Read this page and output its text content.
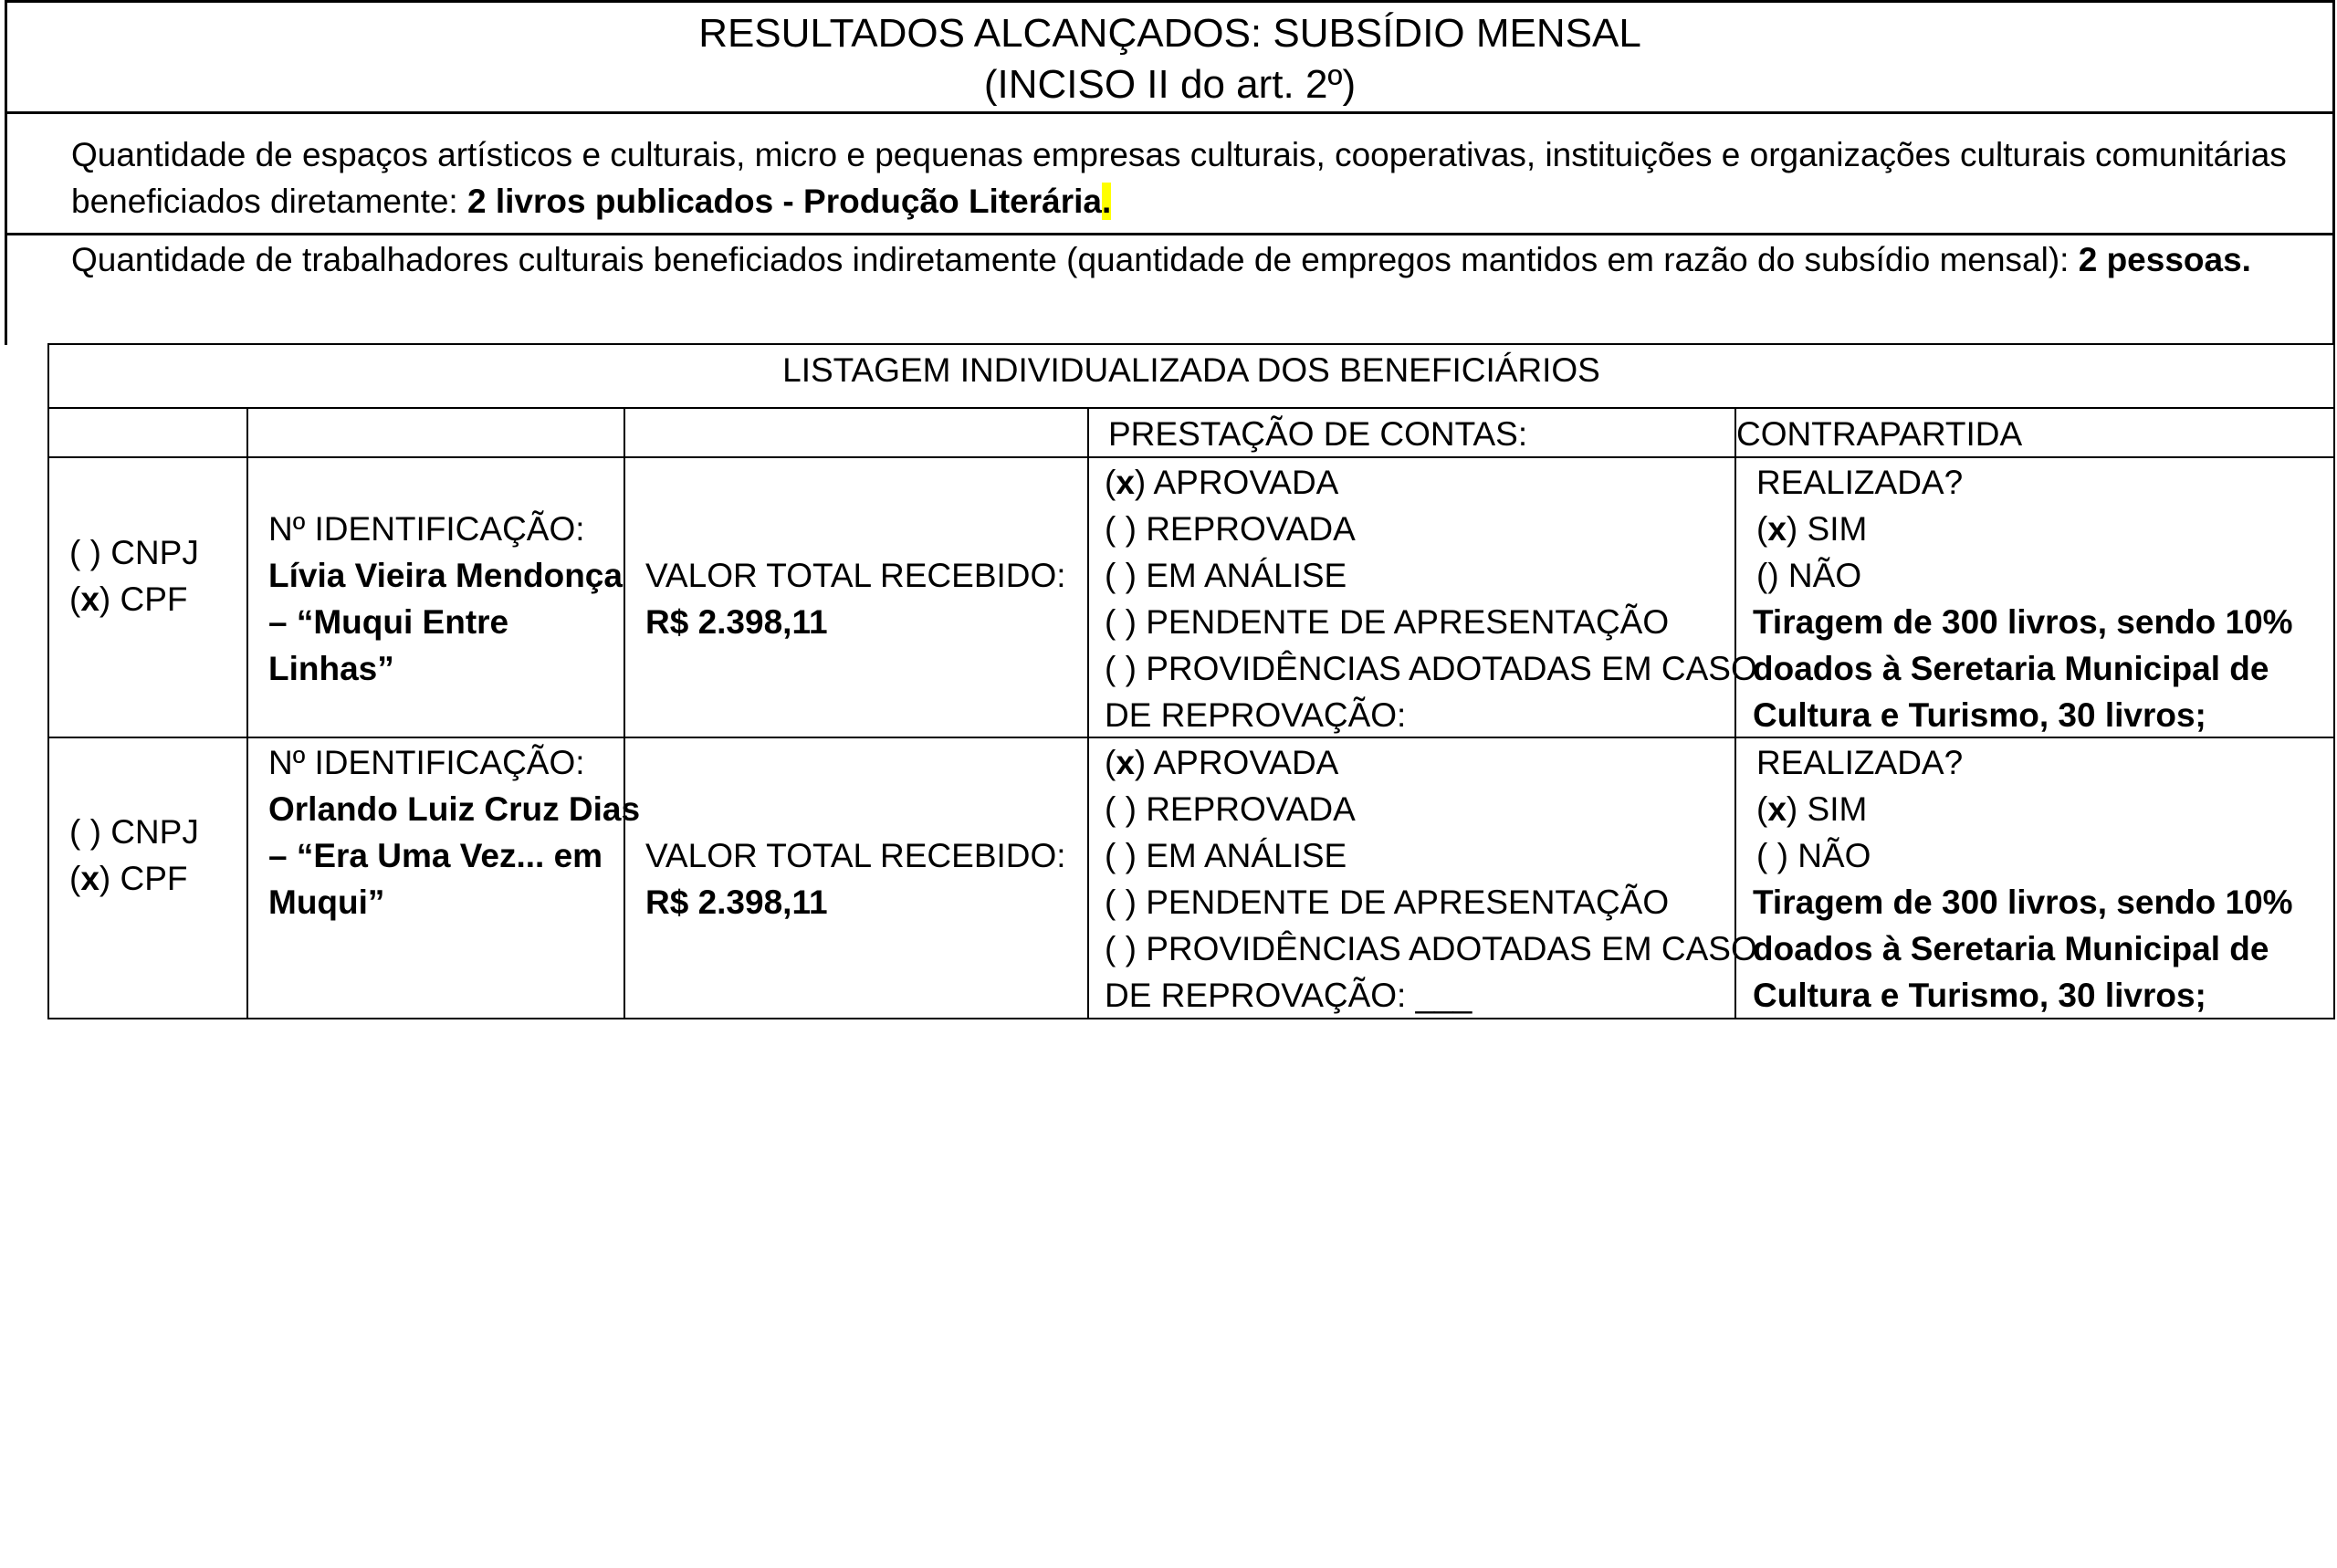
RESULTADOS ALCANÇADOS: SUBSÍDIO MENSAL
(INCISO II do art. 2º)
Quantidade de espaços artísticos e culturais, micro e pequenas empresas culturais, cooperativas, instituições e organizações culturais comunitárias
beneficiados diretamente: 2 livros publicados - Produção Literária.
Quantidade de trabalhadores culturais beneficiados indiretamente (quantidade de empregos mantidos em razão do subsídio mensal): 2 pessoas.
LISTAGEM INDIVIDUALIZADA DOS BENEFICIÁRIOS
PRESTAÇÃO DE CONTAS:	CONTRAPARTIDA
( ) CNPJ
(x) CPF
Nº IDENTIFICAÇÃO:
Lívia Vieira Mendonça
– “Muqui Entre
Linhas”
VALOR TOTAL RECEBIDO:
R$ 2.398,11
(x) APROVADA
( ) REPROVADA
( ) EM ANÁLISE
( ) PENDENTE DE APRESENTAÇÃO
( ) PROVIDÊNCIAS ADOTADAS EM CASO
DE REPROVAÇÃO:
REALIZADA?
(x) SIM
() NÃO
Tiragem de 300 livros, sendo 10%
doados à Seretaria Municipal de
Cultura e Turismo, 30 livros;
( ) CNPJ
(x) CPF
Nº IDENTIFICAÇÃO:
Orlando Luiz Cruz Dias
– “Era Uma Vez... em
Muqui”
VALOR TOTAL RECEBIDO:
R$ 2.398,11
(x) APROVADA
( ) REPROVADA
( ) EM ANÁLISE
( ) PENDENTE DE APRESENTAÇÃO
( ) PROVIDÊNCIAS ADOTADAS EM CASO
DE REPROVAÇÃO: ___
REALIZADA?
(x) SIM
( ) NÃO
Tiragem de 300 livros, sendo 10%
doados à Seretaria Municipal de
Cultura e Turismo, 30 livros;
